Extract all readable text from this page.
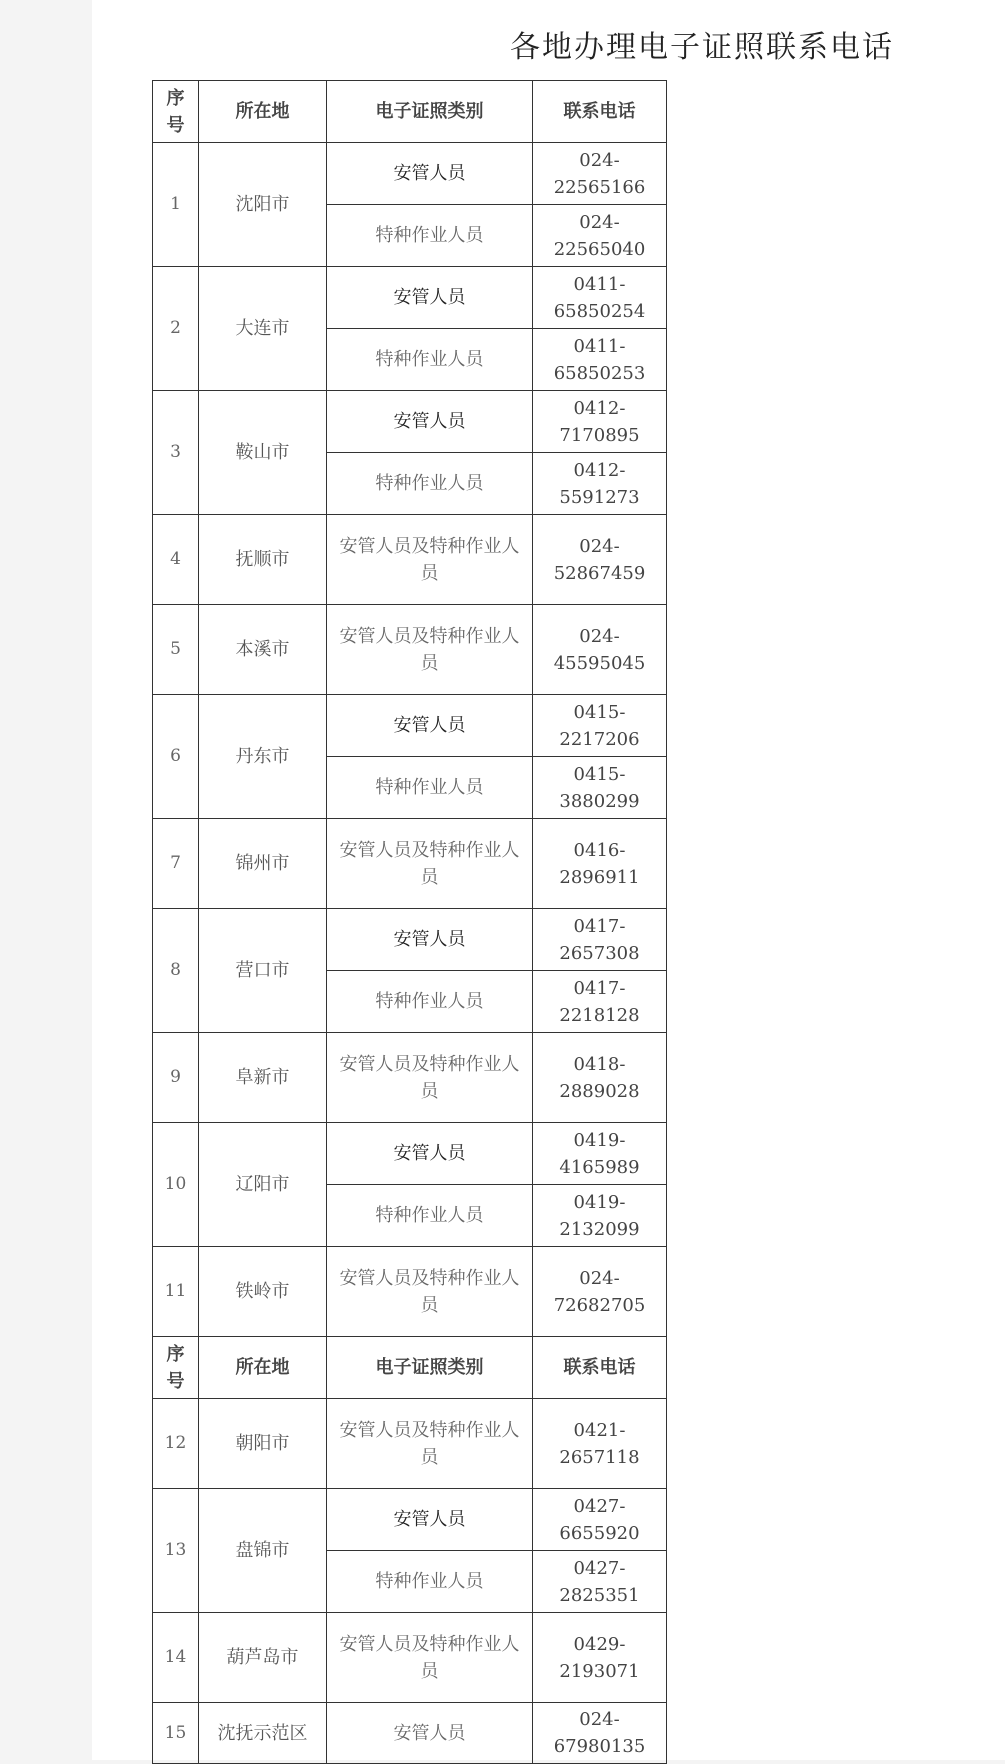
各地办理电子证照联系电话
序号	所在地	电子证照类别	联系电话
1	沈阳市	安管人员	024-22565166
		特种作业人员	024-22565040
2	大连市	安管人员	0411-65850254
		特种作业人员	0411-65850253
3	鞍山市	安管人员	0412-7170895
		特种作业人员	0412-5591273
4	抚顺市	安管人员及特种作业人员	024-52867459
5	本溪市	安管人员及特种作业人员	024-45595045
6	丹东市	安管人员	0415-2217206
		特种作业人员	0415-3880299
7	锦州市	安管人员及特种作业人员	0416-2896911
8	营口市	安管人员	0417-2657308
		特种作业人员	0417-2218128
9	阜新市	安管人员及特种作业人员	0418-2889028
10	辽阳市	安管人员	0419-4165989
		特种作业人员	0419-2132099
11	铁岭市	安管人员及特种作业人员	024-72682705
序号	所在地	电子证照类别	联系电话
12	朝阳市	安管人员及特种作业人员	0421-2657118
13	盘锦市	安管人员	0427-6655920
		特种作业人员	0427-2825351
14	葫芦岛市	安管人员及特种作业人员	0429-2193071
15	沈抚示范区	安管人员	024-67980135
